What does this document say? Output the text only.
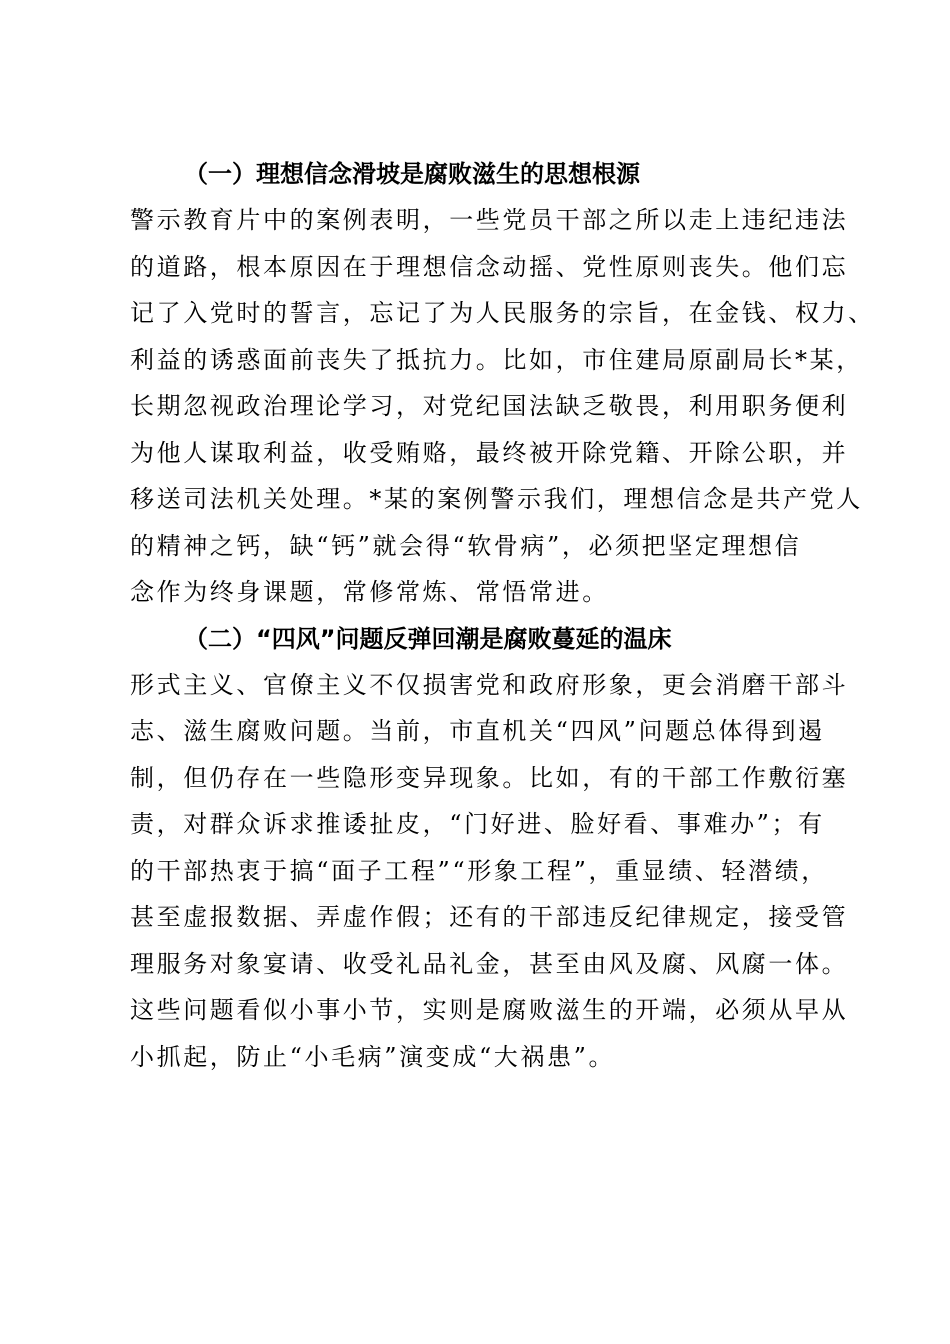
（一）理想信念滑坡是腐败滋生的思想根源
警示教育片中的案例表明，一些党员干部之所以走上违纪违法
的道路，根本原因在于理想信念动摇、党性原则丧失。他们忘
记了入党时的誓言，忘记了为人民服务的宗旨，在金钱、权力、
利益的诱惑面前丧失了抵抗力。比如，市住建局原副局长*某，
长期忽视政治理论学习，对党纪国法缺乏敬畏，利用职务便利
为他人谋取利益，收受贿赂，最终被开除党籍、开除公职，并
移送司法机关处理。*某的案例警示我们，理想信念是共产党人
的精神之钙，缺“钙”就会得“软骨病”，必须把坚定理想信
念作为终身课题，常修常炼、常悟常进。
（二）“四风”问题反弹回潮是腐败蔓延的温床
形式主义、官僚主义不仅损害党和政府形象，更会消磨干部斗
志、滋生腐败问题。当前，市直机关“四风”问题总体得到遏
制，但仍存在一些隐形变异现象。比如，有的干部工作敷衍塞
责，对群众诉求推诿扯皮，“门好进、脸好看、事难办”；有
的干部热衷于搞“面子工程”“形象工程”，重显绩、轻潜绩，
甚至虚报数据、弄虚作假；还有的干部违反纪律规定，接受管
理服务对象宴请、收受礼品礼金，甚至由风及腐、风腐一体。
这些问题看似小事小节，实则是腐败滋生的开端，必须从早从
小抓起，防止“小毛病”演变成“大祸患”。
